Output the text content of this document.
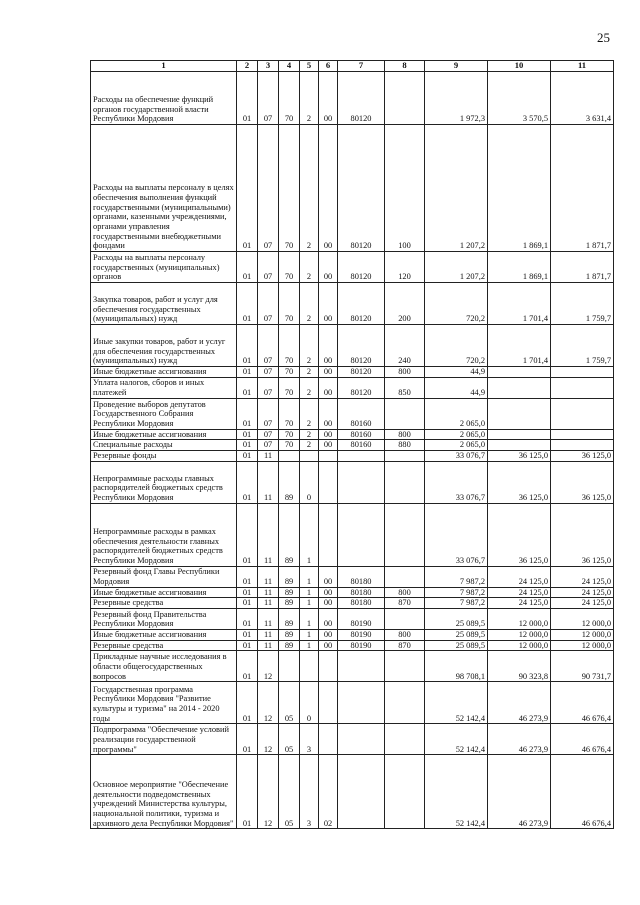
25
1	2	3	4	5	6	7	8	9	10	11
Расходы на обеспечение функций органов государственной власти Республики Мордовия	01	07	70	2	00	80120		1 972,3	3 570,5	3 631,4
Расходы на выплаты персоналу в целях обеспечения выполнения функций государственными (муниципальными) органами, казенными учреждениями, органами управления государственными внебюджетными фондами	01	07	70	2	00	80120	100	1 207,2	1 869,1	1 871,7
Расходы на выплаты персоналу государственных (муниципальных) органов	01	07	70	2	00	80120	120	1 207,2	1 869,1	1 871,7
Закупка товаров, работ и услуг для обеспечения государственных (муниципальных) нужд	01	07	70	2	00	80120	200	720,2	1 701,4	1 759,7
Иные закупки товаров, работ и услуг для обеспечения государственных (муниципальных) нужд	01	07	70	2	00	80120	240	720,2	1 701,4	1 759,7
Иные бюджетные ассигнования	01	07	70	2	00	80120	800	44,9		
Уплата налогов, сборов и иных платежей	01	07	70	2	00	80120	850	44,9		
Проведение выборов депутатов Государственного Собрания Республики Мордовия	01	07	70	2	00	80160		2 065,0		
Иные бюджетные ассигнования	01	07	70	2	00	80160	800	2 065,0		
Специальные расходы	01	07	70	2	00	80160	880	2 065,0		
Резервные фонды	01	11						33 076,7	36 125,0	36 125,0
Непрограммные расходы главных распорядителей бюджетных средств Республики Мордовия	01	11	89	0				33 076,7	36 125,0	36 125,0
Непрограммные расходы в рамках обеспечения деятельности главных распорядителей бюджетных средств Республики Мордовия	01	11	89	1				33 076,7	36 125,0	36 125,0
Резервный фонд Главы Республики Мордовия	01	11	89	1	00	80180		7 987,2	24 125,0	24 125,0
Иные бюджетные ассигнования	01	11	89	1	00	80180	800	7 987,2	24 125,0	24 125,0
Резервные средства	01	11	89	1	00	80180	870	7 987,2	24 125,0	24 125,0
Резервный фонд Правительства Республики Мордовия	01	11	89	1	00	80190		25 089,5	12 000,0	12 000,0
Иные бюджетные ассигнования	01	11	89	1	00	80190	800	25 089,5	12 000,0	12 000,0
Резервные средства	01	11	89	1	00	80190	870	25 089,5	12 000,0	12 000,0
Прикладные научные исследования в области общегосударственных вопросов	01	12						98 708,1	90 323,8	90 731,7
Государственная программа Республики Мордовия "Развитие культуры и туризма" на 2014 - 2020 годы	01	12	05	0				52 142,4	46 273,9	46 676,4
Подпрограмма "Обеспечение условий реализации государственной программы"	01	12	05	3				52 142,4	46 273,9	46 676,4
Основное мероприятие "Обеспечение деятельности подведомственных учреждений Министерства культуры, национальной политики, туризма и архивного дела Республики Мордовия"	01	12	05	3	02			52 142,4	46 273,9	46 676,4
